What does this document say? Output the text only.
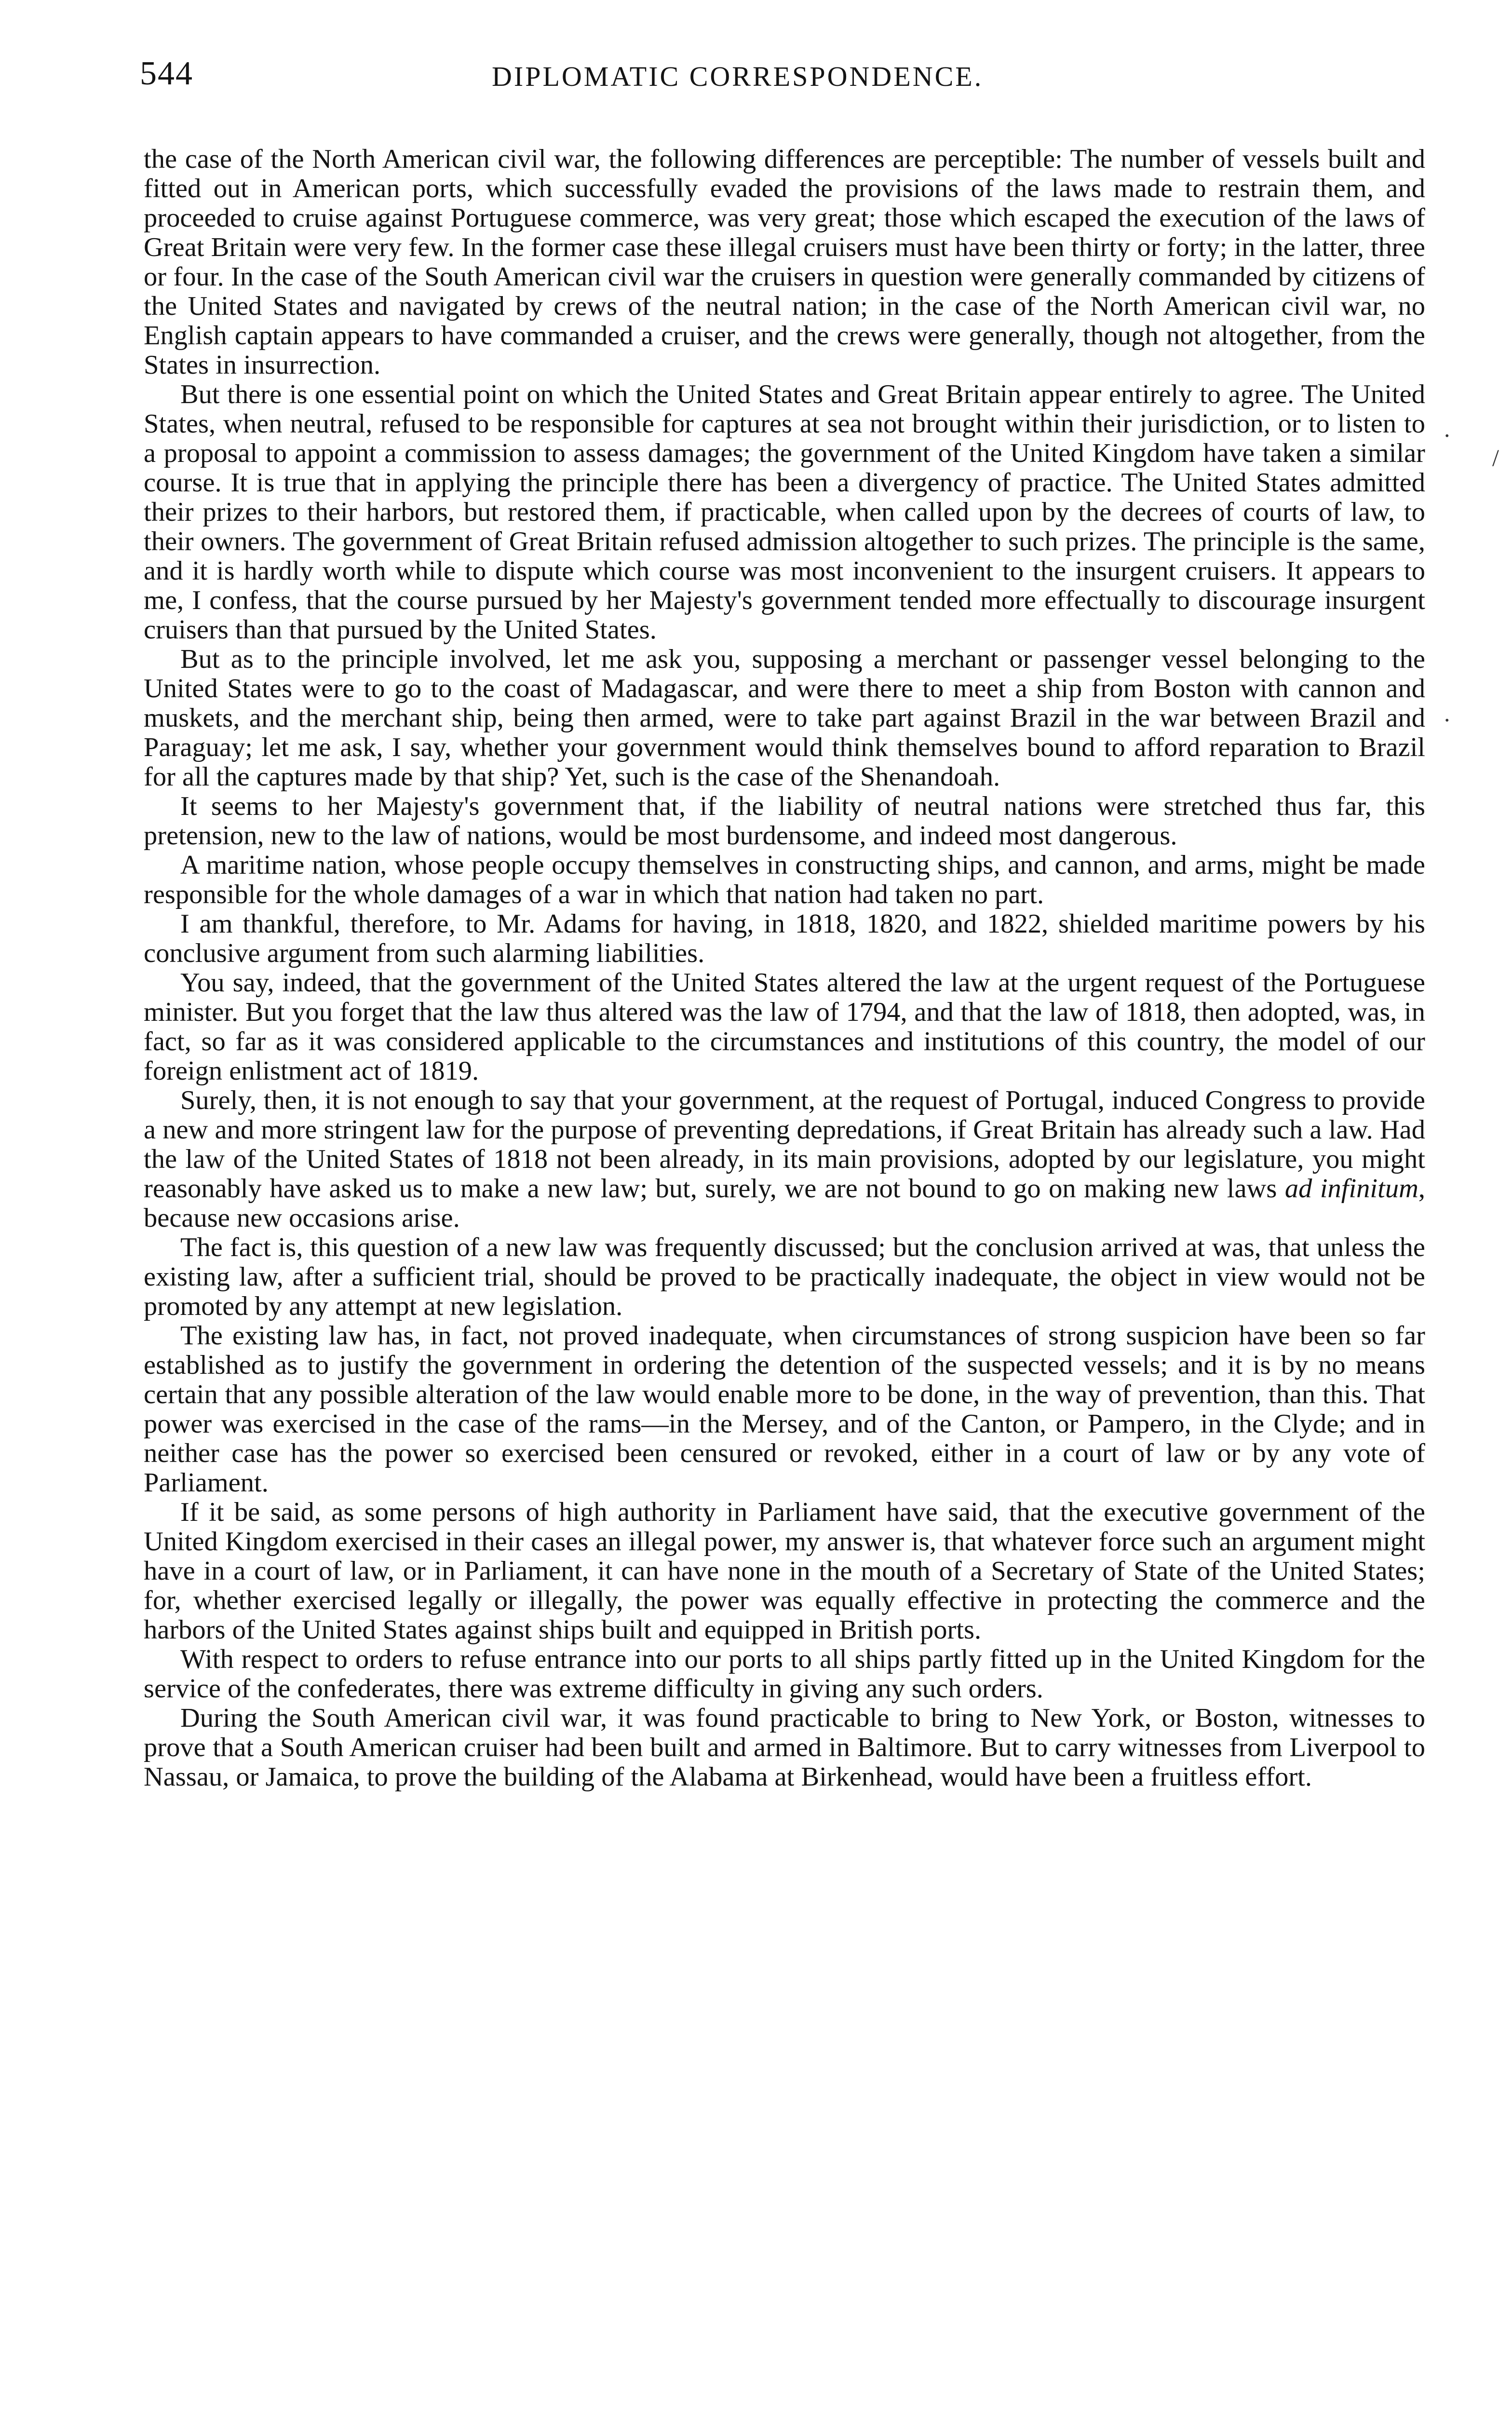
544	DIPLOMATIC CORRESPONDENCE.

the case of the North American civil war, the following differences are perceptible: The number of vessels built and fitted out in American ports, which successfully evaded the provisions of the laws made to restrain them, and proceeded to cruise against Portuguese commerce, was very great; those which escaped the execution of the laws of Great Britain were very few. In the former case these illegal cruisers must have been thirty or forty; in the latter, three or four. In the case of the South American civil war the cruisers in question were generally commanded by citizens of the United States and navigated by crews of the neutral nation; in the case of the North American civil war, no English captain appears to have commanded a cruiser, and the crews were generally, though not altogether, from the States in insurrection.

But there is one essential point on which the United States and Great Britain appear entirely to agree. The United States, when neutral, refused to be responsible for captures at sea not brought within their jurisdiction, or to listen to a proposal to appoint a commission to assess damages; the government of the United Kingdom have taken a similar course. It is true that in applying the principle there has been a divergency of practice. The United States admitted their prizes to their harbors, but restored them, if practicable, when called upon by the decrees of courts of law, to their owners. The government of Great Britain refused admission altogether to such prizes. The principle is the same, and it is hardly worth while to dispute which course was most inconvenient to the insurgent cruisers. It appears to me, I confess, that the course pursued by her Majesty's government tended more effectually to discourage insurgent cruisers than that pursued by the United States.

But as to the principle involved, let me ask you, supposing a merchant or passenger vessel belonging to the United States were to go to the coast of Madagascar, and were there to meet a ship from Boston with cannon and muskets, and the merchant ship, being then armed, were to take part against Brazil in the war between Brazil and Paraguay; let me ask, I say, whether your government would think themselves bound to afford reparation to Brazil for all the captures made by that ship? Yet, such is the case of the Shenandoah.

It seems to her Majesty's government that, if the liability of neutral nations were stretched thus far, this pretension, new to the law of nations, would be most burdensome, and indeed most dangerous.

A maritime nation, whose people occupy themselves in constructing ships, and cannon, and arms, might be made responsible for the whole damages of a war in which that nation had taken no part.

I am thankful, therefore, to Mr. Adams for having, in 1818, 1820, and 1822, shielded maritime powers by his conclusive argument from such alarming liabilities.

You say, indeed, that the government of the United States altered the law at the urgent request of the Portuguese minister. But you forget that the law thus altered was the law of 1794, and that the law of 1818, then adopted, was, in fact, so far as it was considered applicable to the circumstances and institutions of this country, the model of our foreign enlistment act of 1819.

Surely, then, it is not enough to say that your government, at the request of Portugal, induced Congress to provide a new and more stringent law for the purpose of preventing depredations, if Great Britain has already such a law. Had the law of the United States of 1818 not been already, in its main provisions, adopted by our legislature, you might reasonably have asked us to make a new law; but, surely, we are not bound to go on making new laws ad infinitum, because new occasions arise.

The fact is, this question of a new law was frequently discussed; but the conclusion arrived at was, that unless the existing law, after a sufficient trial, should be proved to be practically inadequate, the object in view would not be promoted by any attempt at new legislation.

The existing law has, in fact, not proved inadequate, when circumstances of strong suspicion have been so far established as to justify the government in ordering the detention of the suspected vessels; and it is by no means certain that any possible alteration of the law would enable more to be done, in the way of prevention, than this. That power was exercised in the case of the rams—in the Mersey, and of the Canton, or Pampero, in the Clyde; and in neither case has the power so exercised been censured or revoked, either in a court of law or by any vote of Parliament.

If it be said, as some persons of high authority in Parliament have said, that the executive government of the United Kingdom exercised in their cases an illegal power, my answer is, that whatever force such an argument might have in a court of law, or in Parliament, it can have none in the mouth of a Secretary of State of the United States; for, whether exercised legally or illegally, the power was equally effective in protecting the commerce and the harbors of the United States against ships built and equipped in British ports.

With respect to orders to refuse entrance into our ports to all ships partly fitted up in the United Kingdom for the service of the confederates, there was extreme difficulty in giving any such orders.

During the South American civil war, it was found practicable to bring to New York, or Boston, witnesses to prove that a South American cruiser had been built and armed in Baltimore. But to carry witnesses from Liverpool to Nassau, or Jamaica, to prove the building of the Alabama at Birkenhead, would have been a fruitless effort.

/
.
.
